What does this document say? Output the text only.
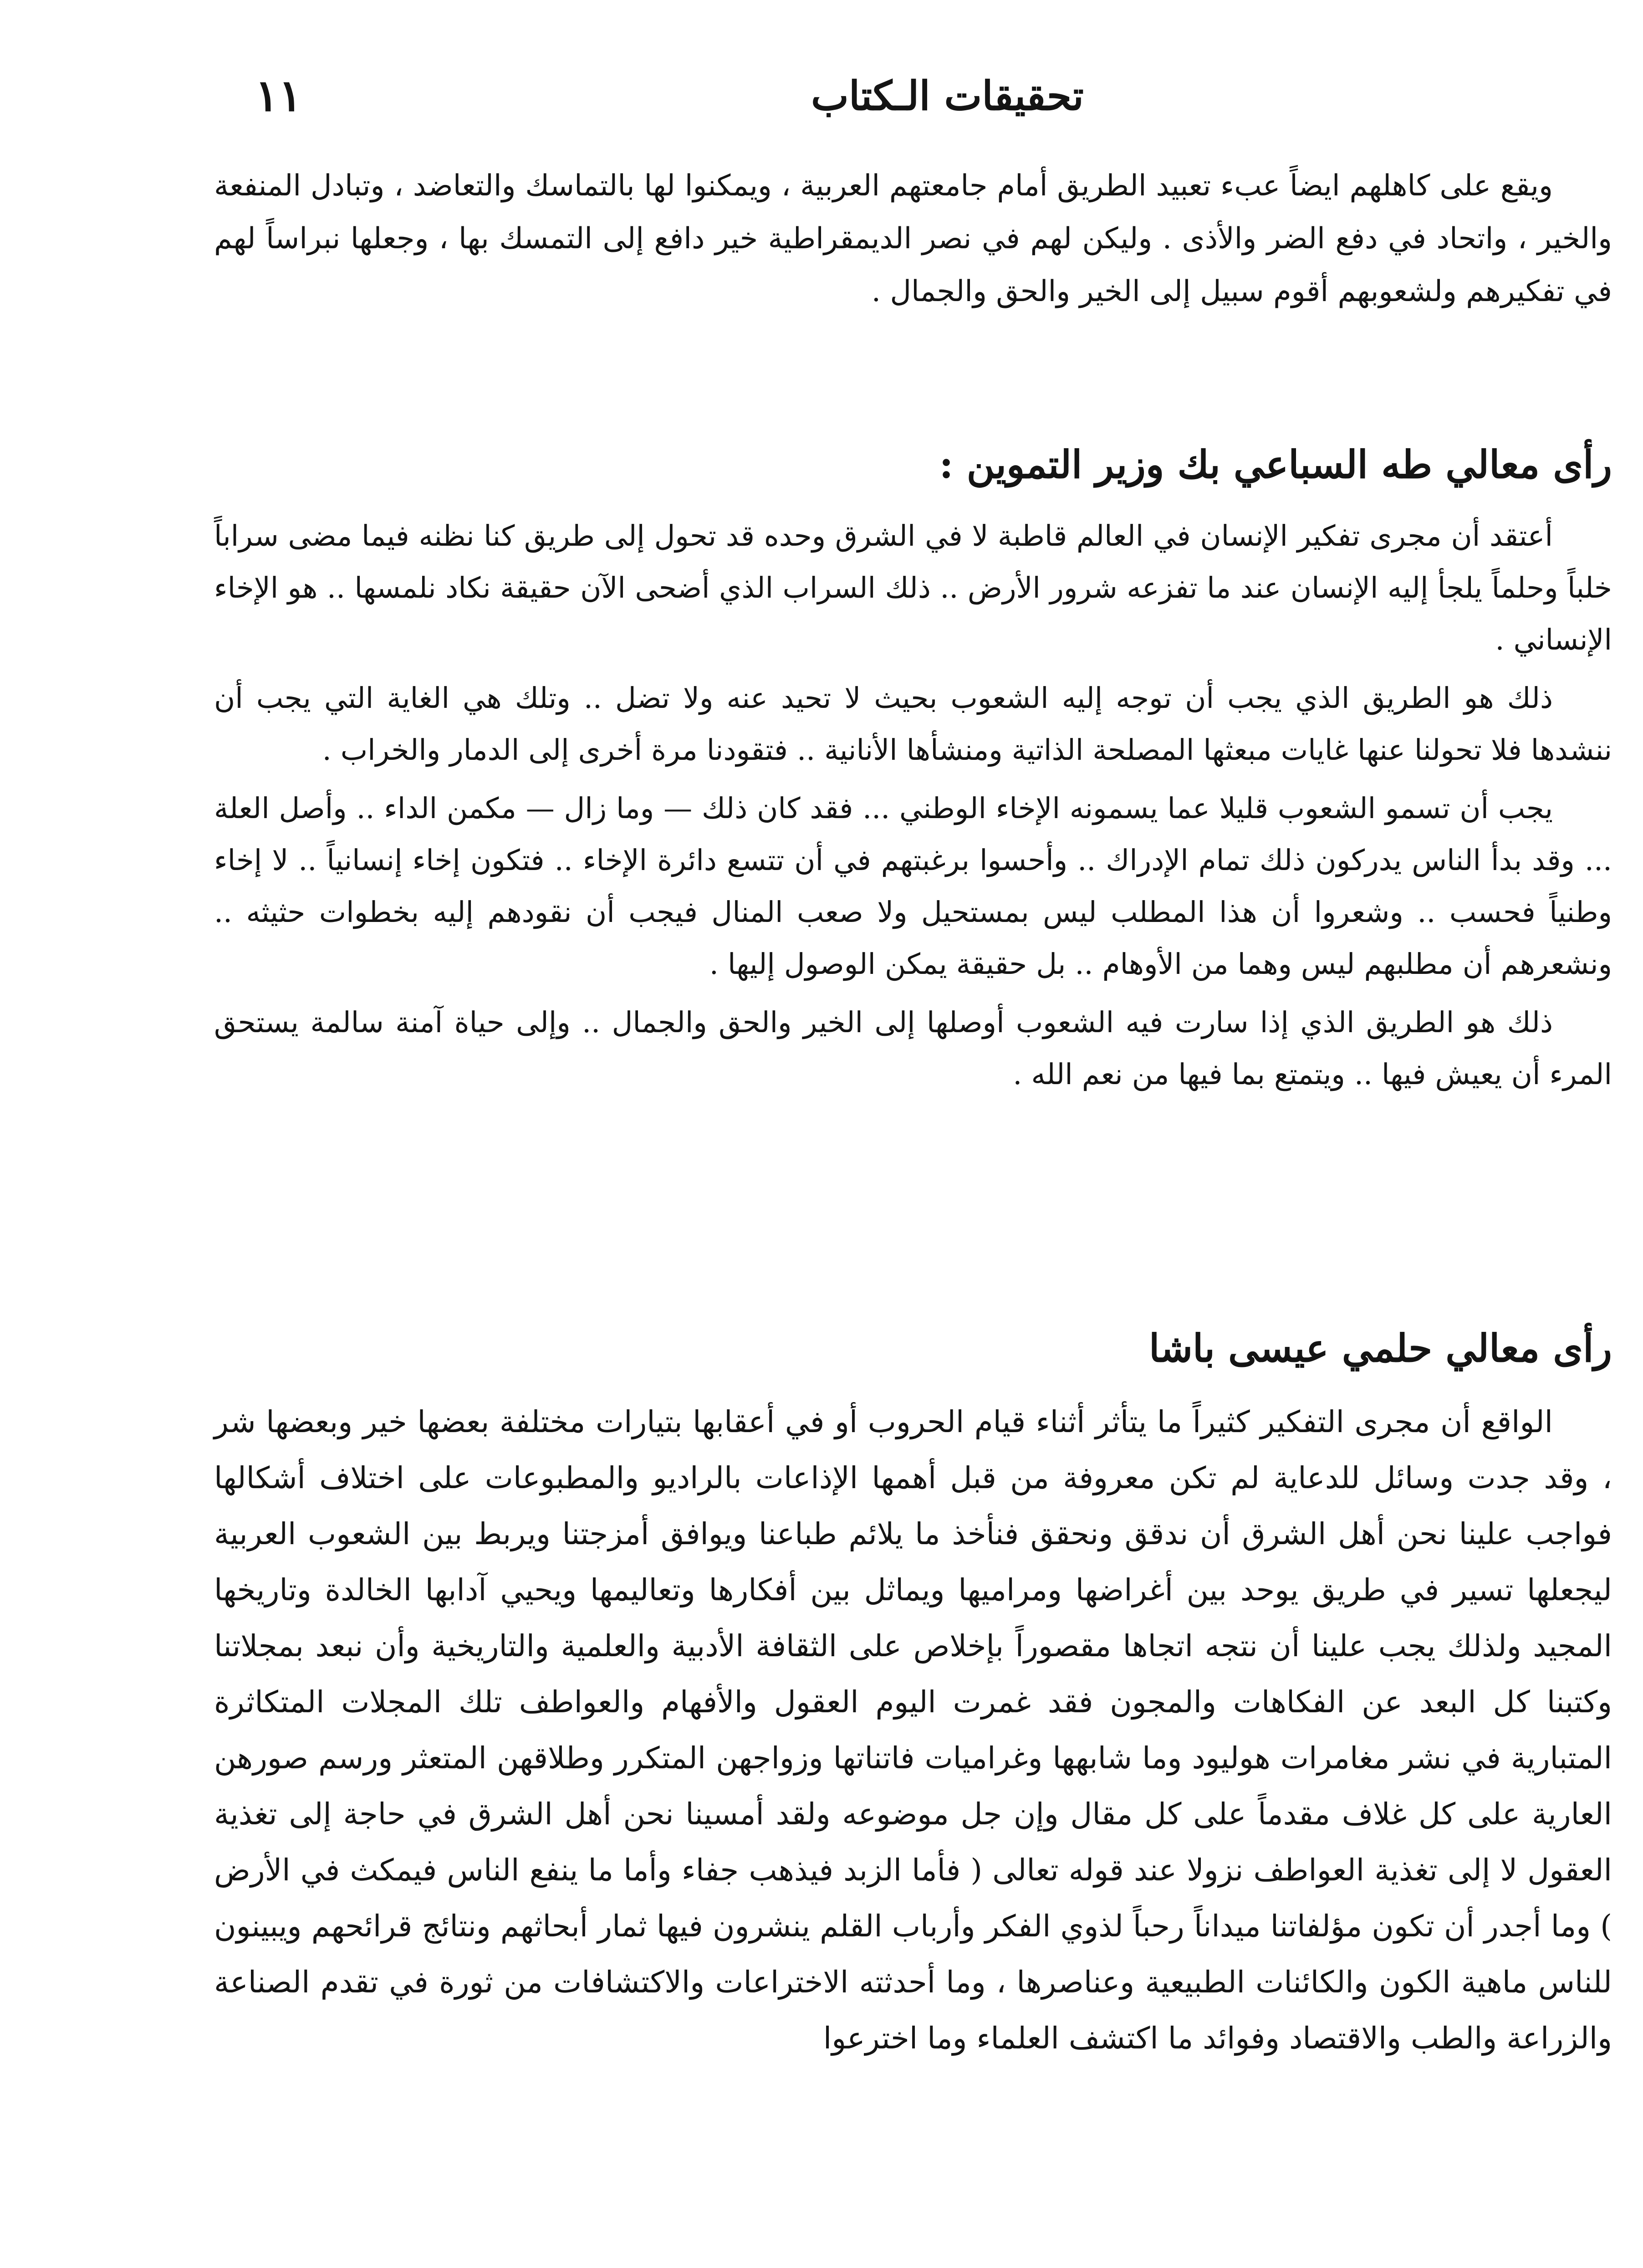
تحقيقات الـكتاب
١١

ويقع على كاهلهم ايضاً عبء تعبيد الطريق أمام جامعتهم العربية ، ويمكنوا لها بالتماسك والتعاضد ، وتبادل المنفعة والخير ، واتحاد في دفع الضر والأذى . وليكن لهم في نصر الديمقراطية خير دافع إلى التمسك بها ، وجعلها نبراساً لهم في تفكيرهم ولشعوبهم أقوم سبيل إلى الخير والحق والجمال .

رأى معالي طه السباعي بك وزير التموين :

أعتقد أن مجرى تفكير الإنسان في العالم قاطبة لا في الشرق وحده قد تحول إلى طريق كنا نظنه فيما مضى سراباً خلباً وحلماً يلجأ إليه الإنسان عند ما تفزعه شرور الأرض .. ذلك السراب الذي أضحى الآن حقيقة نكاد نلمسها .. هو الإخاء الإنساني .

ذلك هو الطريق الذي يجب أن توجه إليه الشعوب بحيث لا تحيد عنه ولا تضل .. وتلك هي الغاية التي يجب أن ننشدها فلا تحولنا عنها غايات مبعثها المصلحة الذاتية ومنشأها الأنانية .. فتقودنا مرة أخرى إلى الدمار والخراب .

يجب أن تسمو الشعوب قليلا عما يسمونه الإخاء الوطني ... فقد كان ذلك — وما زال — مكمن الداء .. وأصل العلة ... وقد بدأ الناس يدركون ذلك تمام الإدراك .. وأحسوا برغبتهم في أن تتسع دائرة الإخاء .. فتكون إخاء إنسانياً .. لا إخاء وطنياً فحسب .. وشعروا أن هذا المطلب ليس بمستحيل ولا صعب المنال فيجب أن نقودهم إليه بخطوات حثيثه .. ونشعرهم أن مطلبهم ليس وهما من الأوهام .. بل حقيقة يمكن الوصول إليها .

ذلك هو الطريق الذي إذا سارت فيه الشعوب أوصلها إلى الخير والحق والجمال .. وإلى حياة آمنة سالمة يستحق المرء أن يعيش فيها .. ويتمتع بما فيها من نعم الله .

رأى معالي حلمي عيسى باشا

الواقع أن مجرى التفكير كثيراً ما يتأثر أثناء قيام الحروب أو في أعقابها بتيارات مختلفة بعضها خير وبعضها شر ، وقد جدت وسائل للدعاية لم تكن معروفة من قبل أهمها الإذاعات بالراديو والمطبوعات على اختلاف أشكالها فواجب علينا نحن أهل الشرق أن ندقق ونحقق فنأخذ ما يلائم طباعنا ويوافق أمزجتنا ويربط بين الشعوب العربية ليجعلها تسير في طريق يوحد بين أغراضها ومراميها ويماثل بين أفكارها وتعاليمها ويحيي آدابها الخالدة وتاريخها المجيد ولذلك يجب علينا أن نتجه اتجاها مقصوراً بإخلاص على الثقافة الأدبية والعلمية والتاريخية وأن نبعد بمجلاتنا وكتبنا كل البعد عن الفكاهات والمجون فقد غمرت اليوم العقول والأفهام والعواطف تلك المجلات المتكاثرة المتبارية في نشر مغامرات هوليود وما شابهها وغراميات فاتناتها وزواجهن المتكرر وطلاقهن المتعثر ورسم صورهن العارية على كل غلاف مقدماً على كل مقال وإن جل موضوعه ولقد أمسينا نحن أهل الشرق في حاجة إلى تغذية العقول لا إلى تغذية العواطف نزولا عند قوله تعالى ( فأما الزبد فيذهب جفاء وأما ما ينفع الناس فيمكث في الأرض ) وما أجدر أن تكون مؤلفاتنا ميداناً رحباً لذوي الفكر وأرباب القلم ينشرون فيها ثمار أبحاثهم ونتائج قرائحهم ويبينون للناس ماهية الكون والكائنات الطبيعية وعناصرها ، وما أحدثته الاختراعات والاكتشافات من ثورة في تقدم الصناعة والزراعة والطب والاقتصاد وفوائد ما اكتشف العلماء وما اخترعوا
